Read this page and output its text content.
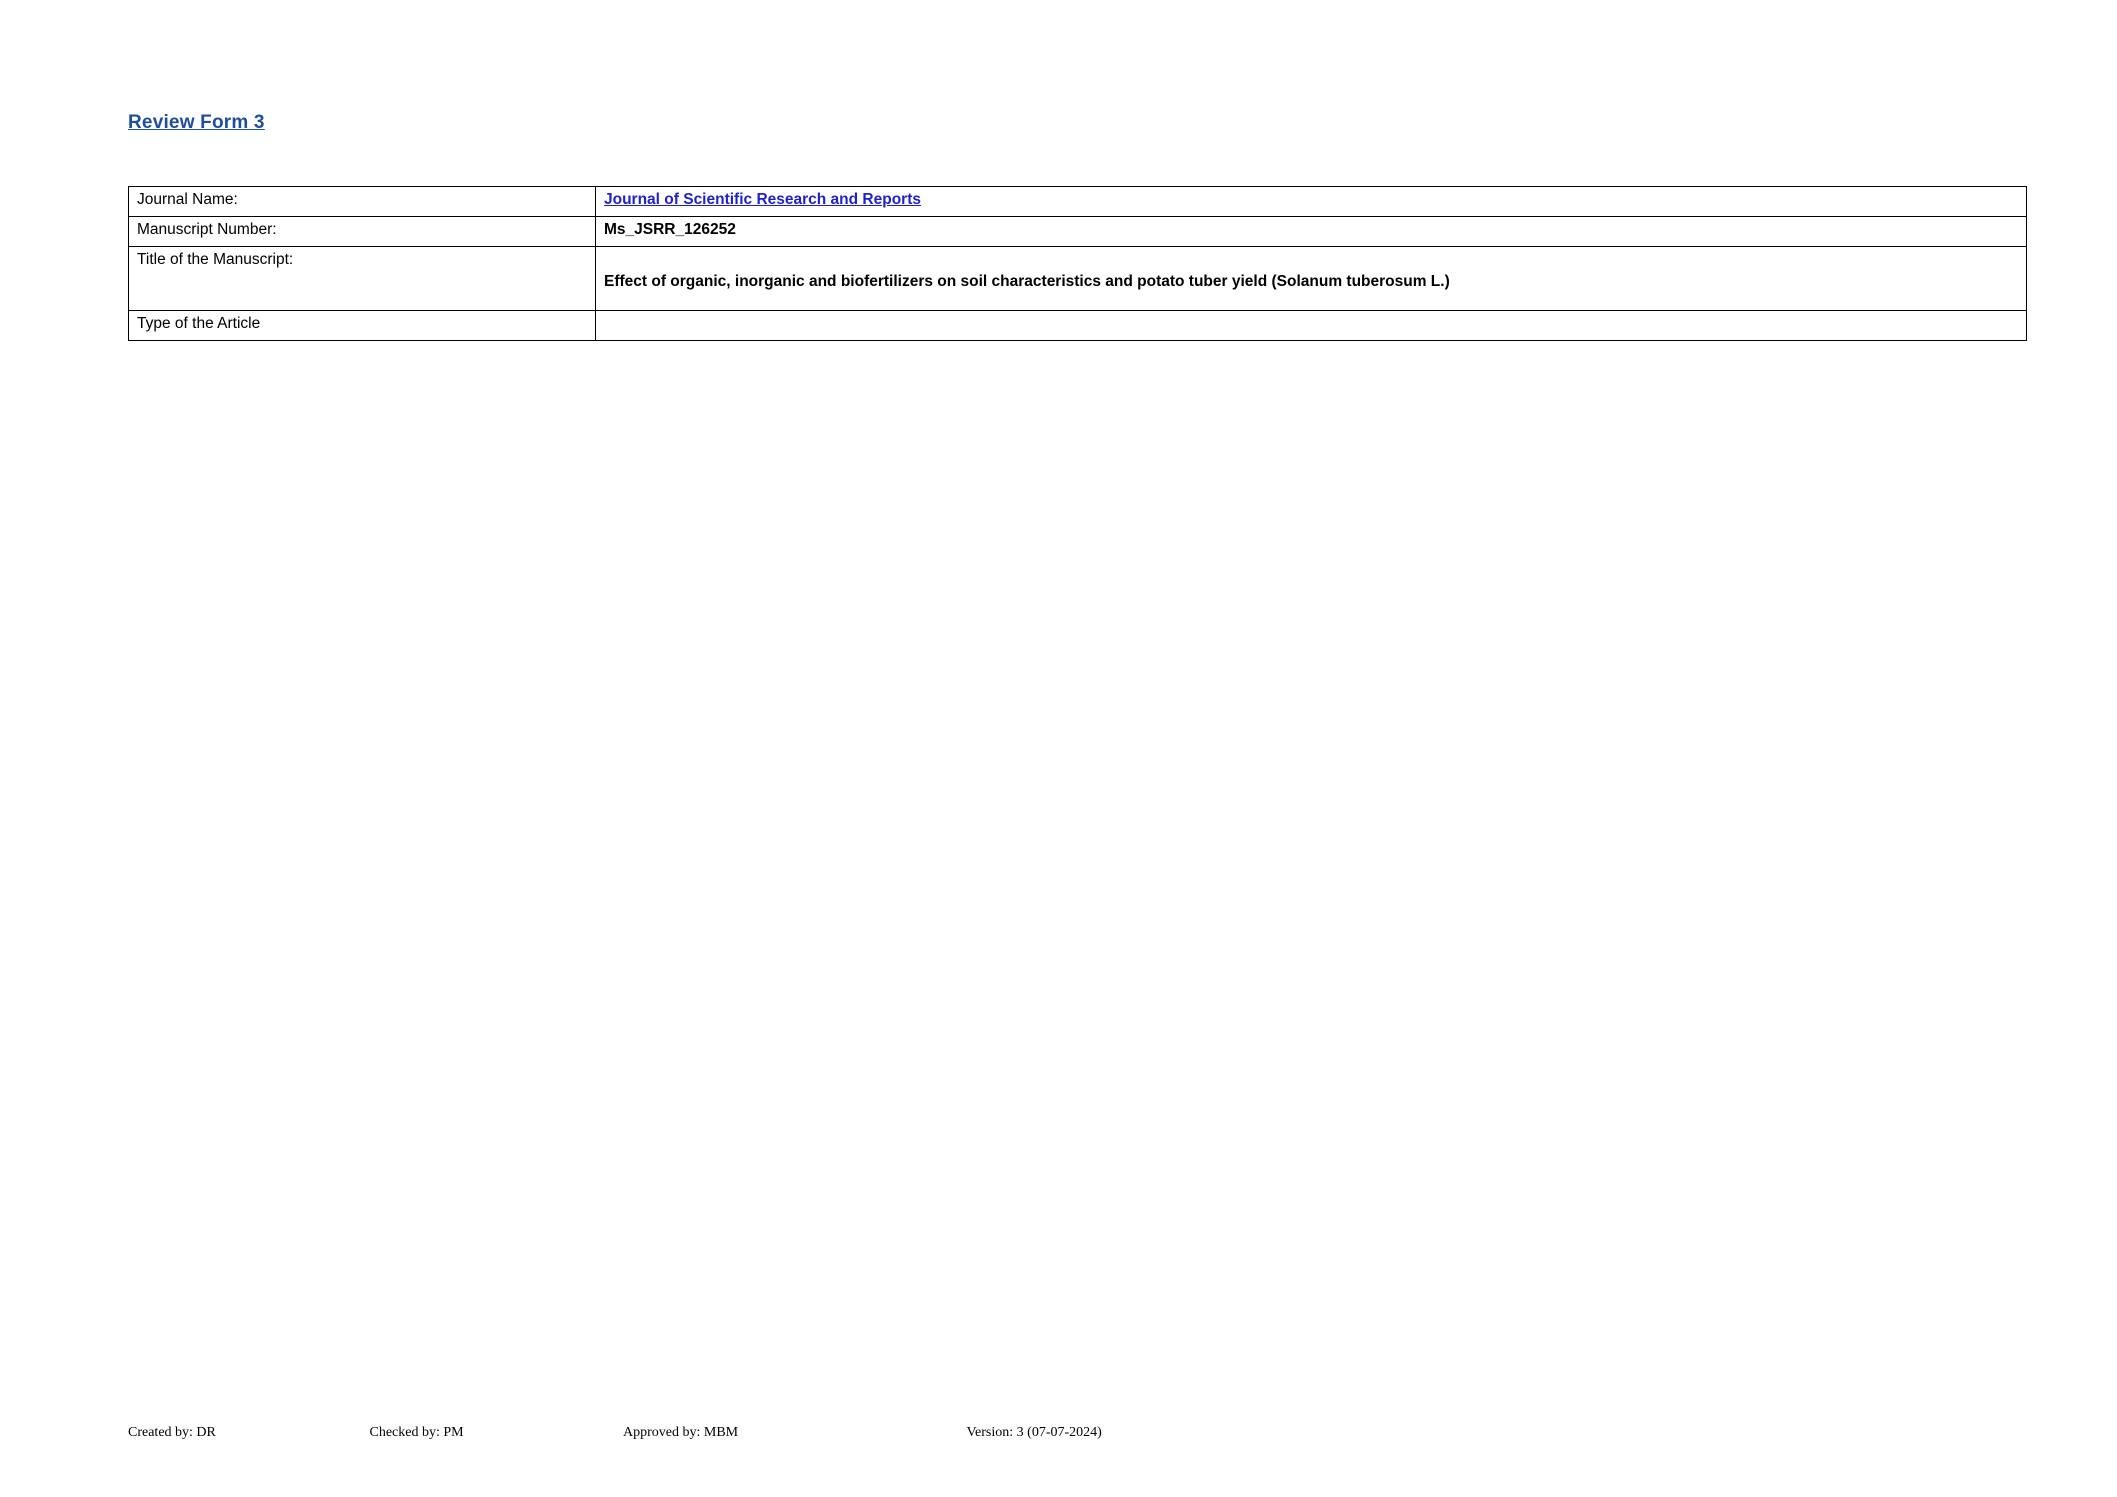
Review Form 3
Journal Name:	Journal of Scientific Research and Reports
Manuscript Number:	Ms_JSRR_126252

Title of the Manuscript:	Effect of organic, inorganic and biofertilizers on soil characteristics and potato tuber yield (Solanum tuberosum L.)

Type of the Article	
Created by: DR	Checked by: PM	Approved by: MBM	Version: 3 (07-07-2024)
